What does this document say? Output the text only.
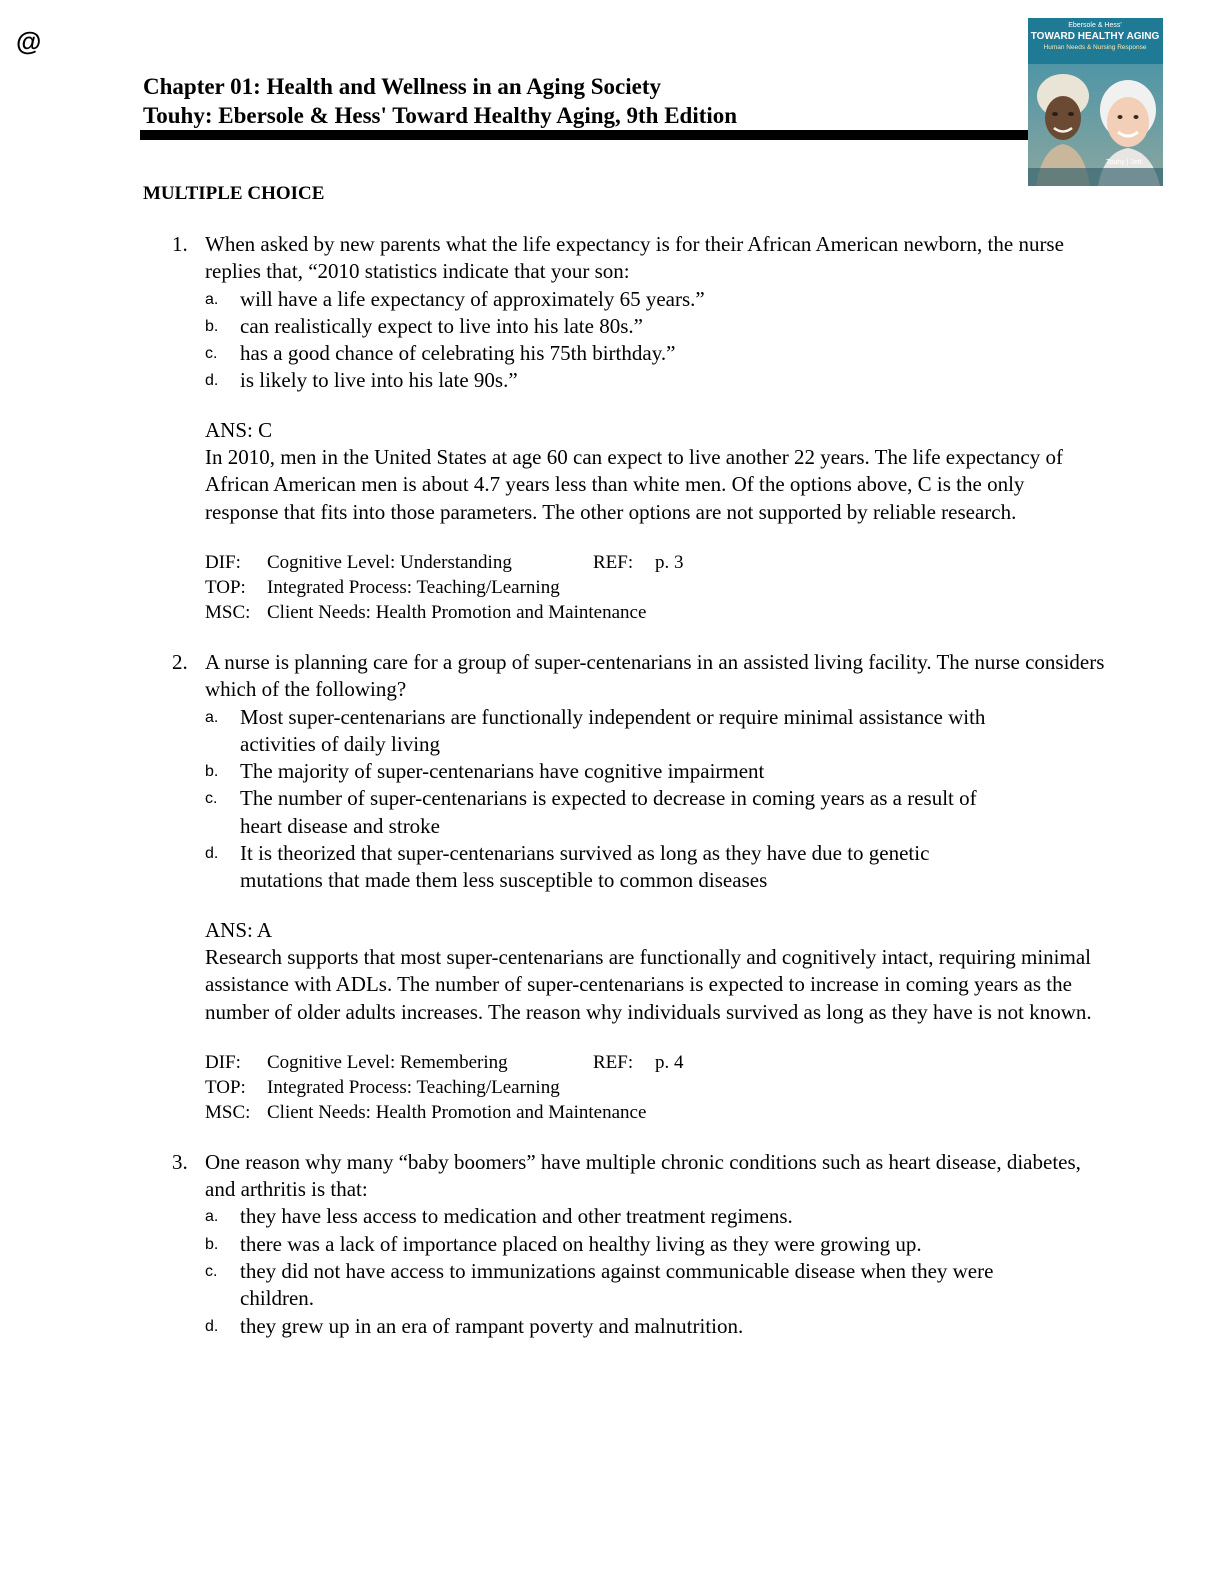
@
Chapter 01: Health and Wellness in an Aging Society
Touhy: Ebersole & Hess' Toward Healthy Aging, 9th Edition
Ebersole & Hess'
TOWARD HEALTHY AGING
Human Needs & Nursing Response
Touhy | Jett
MULTIPLE CHOICE
1. When asked by new parents what the life expectancy is for their African American newborn, the nurse replies that, “2010 statistics indicate that your son:
a. will have a life expectancy of approximately 65 years.”
b. can realistically expect to live into his late 80s.”
c. has a good chance of celebrating his 75th birthday.”
d. is likely to live into his late 90s.”
ANS: C

In 2010, men in the United States at age 60 can expect to live another 22 years. The life expectancy of African American men is about 4.7 years less than white men. Of the options above, C is the only response that fits into those parameters. The other options are not supported by reliable research.

DIF:	Cognitive Level: Understanding	REF:	p. 3
TOP:	Integrated Process: Teaching/Learning
MSC: Client Needs: Health Promotion and Maintenance
2. A nurse is planning care for a group of super-centenarians in an assisted living facility. The nurse considers which of the following?
a. Most super-centenarians are functionally independent or require minimal assistance with activities of daily living
b. The majority of super-centenarians have cognitive impairment
c. The number of super-centenarians is expected to decrease in coming years as a result of heart disease and stroke
d. It is theorized that super-centenarians survived as long as they have due to genetic mutations that made them less susceptible to common diseases
ANS: A

Research supports that most super-centenarians are functionally and cognitively intact, requiring minimal assistance with ADLs. The number of super-centenarians is expected to increase in coming years as the number of older adults increases. The reason why individuals survived as long as they have is not known.

DIF:	Cognitive Level: Remembering	REF:	p. 4
TOP:	Integrated Process: Teaching/Learning
MSC: Client Needs: Health Promotion and Maintenance
3. One reason why many “baby boomers” have multiple chronic conditions such as heart disease, diabetes, and arthritis is that:
a. they have less access to medication and other treatment regimens.
b. there was a lack of importance placed on healthy living as they were growing up.
c. they did not have access to immunizations against communicable disease when they were children.
d. they grew up in an era of rampant poverty and malnutrition.
